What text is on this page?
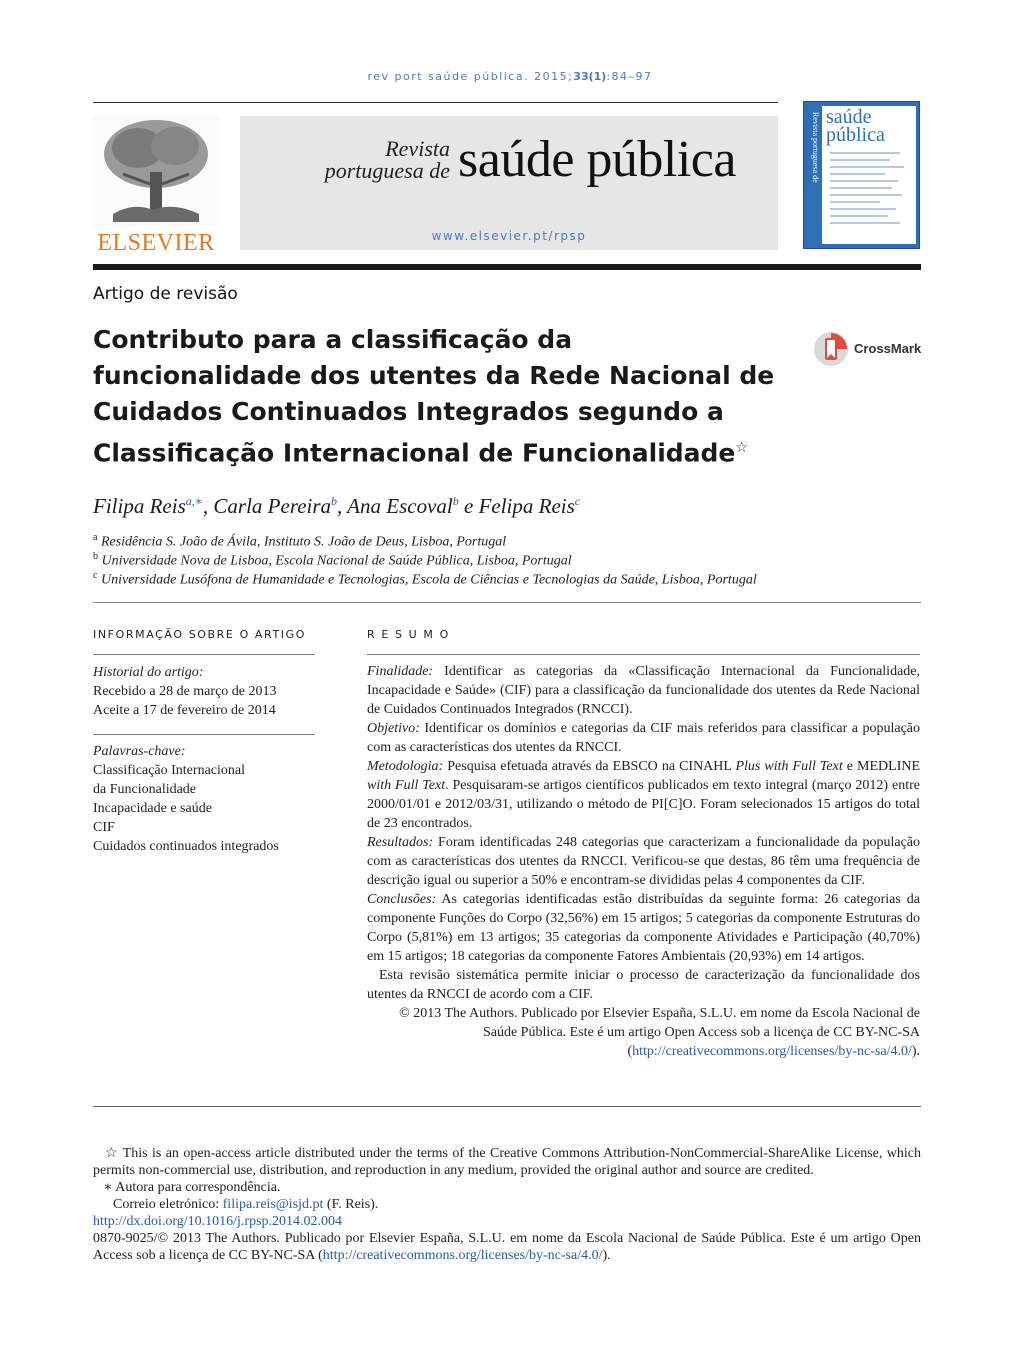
rev port saúde pública. 2015;33(1):84–97
ELSEVIER
Revista
portuguesa de saúde pública
www.elsevier.pt/rpsp
Revista portuguesa de saúde
pública
Artigo de revisão
Contributo para a classificação da funcionalidade dos utentes da Rede Nacional de Cuidados Continuados Integrados segundo a Classificação Internacional de Funcionalidade☆
CrossMark
Filipa Reis$^{a,∗}$, Carla Pereira$^b$, Ana Escoval$^b$ e Felipa Reis$^c$
$^a$ Residência S. João de Ávila, Instituto S. João de Deus, Lisboa, Portugal
$^b$ Universidade Nova de Lisboa, Escola Nacional de Saúde Pública, Lisboa, Portugal
$^c$ Universidade Lusófona de Humanidade e Tecnologias, Escola de Ciências e Tecnologias da Saúde, Lisboa, Portugal
INFORMAÇÃO SOBRE O ARTIGO
Historial do artigo:
Recebido a 28 de março de 2013
Aceite a 17 de fevereiro de 2014
Palavras-chave:
Classificação Internacional
da Funcionalidade
Incapacidade e saúde
CIF
Cuidados continuados integrados
R E S U M O

Finalidade: Identificar as categorias da «Classificação Internacional da Funcionalidade, Incapacidade e Saúde» (CIF) para a classificação da funcionalidade dos utentes da Rede Nacional de Cuidados Continuados Integrados (RNCCI).

Objetivo: Identificar os domínios e categorias da CIF mais referidos para classificar a população com as características dos utentes da RNCCI.

Metodologia: Pesquisa efetuada através da EBSCO na CINAHL Plus with Full Text e MEDLINE with Full Text. Pesquisaram-se artigos científicos publicados em texto integral (março 2012) entre 2000/01/01 e 2012/03/31, utilizando o método de PI[C]O. Foram selecionados 15 artigos do total de 23 encontrados.

Resultados: Foram identificadas 248 categorias que caracterizam a funcionalidade da população com as características dos utentes da RNCCI. Verificou-se que destas, 86 têm uma frequência de descrição igual ou superior a 50% e encontram-se divididas pelas 4 componentes da CIF.

Conclusões: As categorias identificadas estão distribuídas da seguinte forma: 26 categorias da componente Funções do Corpo (32,56%) em 15 artigos; 5 categorias da componente Estruturas do Corpo (5,81%) em 13 artigos; 35 categorias da componente Atividades e Participação (40,70%) em 15 artigos; 18 categorias da componente Fatores Ambientais (20,93%) em 14 artigos.

Esta revisão sistemática permite iniciar o processo de caracterização da funcionalidade dos utentes da RNCCI de acordo com a CIF.

© 2013 The Authors. Publicado por Elsevier España, S.L.U. em nome da Escola Nacional de Saúde Pública. Este é um artigo Open Access sob a licença de CC BY-NC-SA
(http://creativecommons.org/licenses/by-nc-sa/4.0/).

☆ This is an open-access article distributed under the terms of the Creative Commons Attribution-NonCommercial-ShareAlike License, which permits non-commercial use, distribution, and reproduction in any medium, provided the original author and source are credited.

∗ Autora para correspondência.

Correio eletrónico: filipa.reis@isjd.pt (F. Reis).

http://dx.doi.org/10.1016/j.rpsp.2014.02.004

0870-9025/© 2013 The Authors. Publicado por Elsevier España, S.L.U. em nome da Escola Nacional de Saúde Pública. Este é um artigo Open Access sob a licença de CC BY-NC-SA (http://creativecommons.org/licenses/by-nc-sa/4.0/).
